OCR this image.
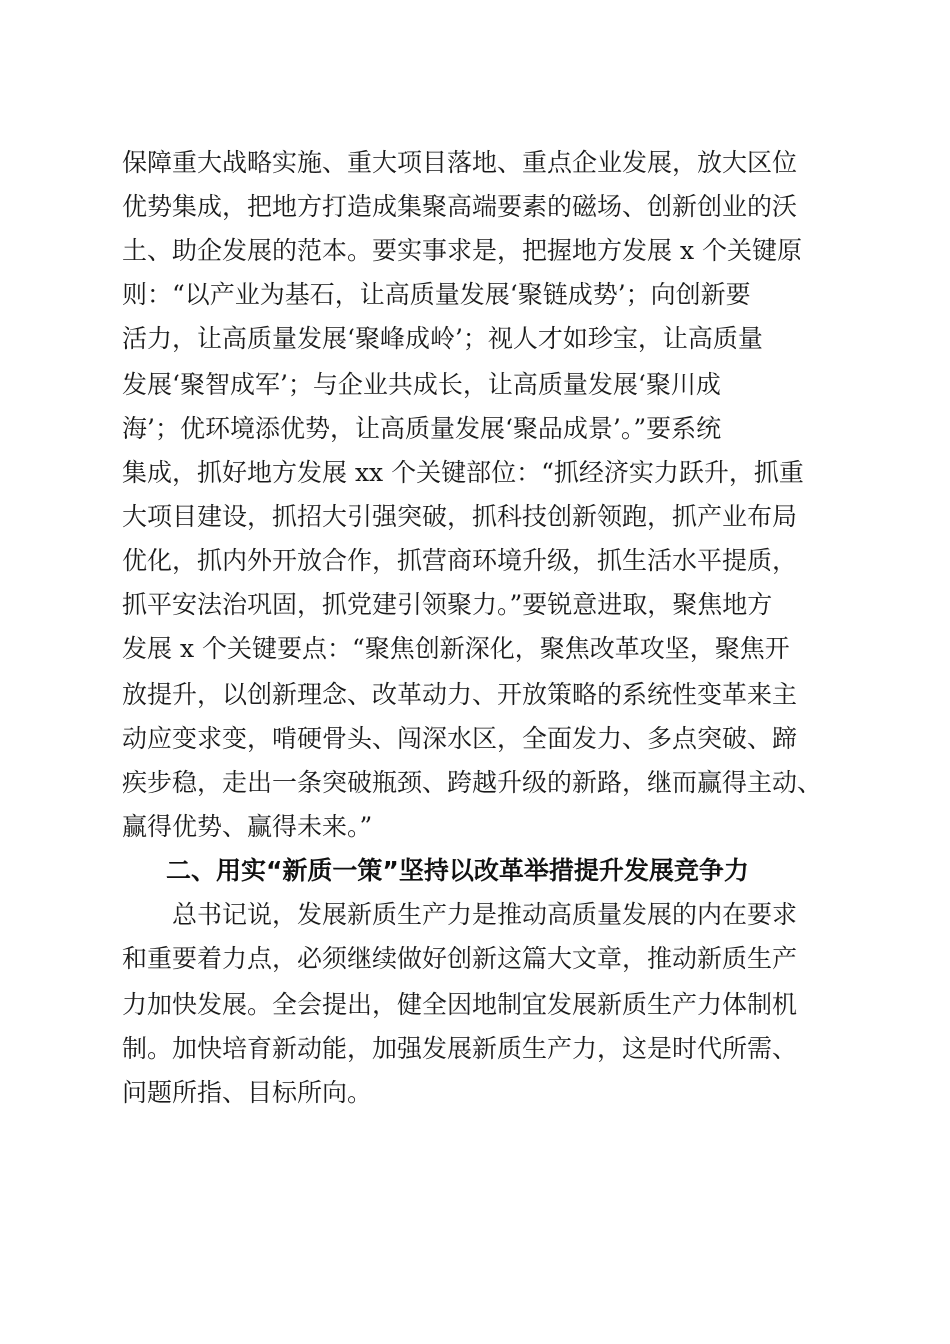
保障重大战略实施、重大项目落地、重点企业发展，放大区位

优势集成，把地方打造成集聚高端要素的磁场、创新创业的沃

土、助企发展的范本。要实事求是，把握地方发展 x 个关键原

则：“以产业为基石，让高质量发展‘聚链成势’；向创新要

活力，让高质量发展‘聚峰成岭’；视人才如珍宝，让高质量

发展‘聚智成军’；与企业共成长，让高质量发展‘聚川成

海’；优环境添优势，让高质量发展‘聚品成景’。”要系统

集成，抓好地方发展 xx 个关键部位：“抓经济实力跃升，抓重

大项目建设，抓招大引强突破，抓科技创新领跑，抓产业布局

优化，抓内外开放合作，抓营商环境升级，抓生活水平提质，

抓平安法治巩固，抓党建引领聚力。”要锐意进取，聚焦地方

发展 x 个关键要点：“聚焦创新深化，聚焦改革攻坚，聚焦开

放提升，以创新理念、改革动力、开放策略的系统性变革来主

动应变求变，啃硬骨头、闯深水区，全面发力、多点突破、蹄

疾步稳，走出一条突破瓶颈、跨越升级的新路，继而赢得主动、

赢得优势、赢得未来。”

二、用实“新质一策”坚持以改革举措提升发展竞争力

总书记说，发展新质生产力是推动高质量发展的内在要求

和重要着力点，必须继续做好创新这篇大文章，推动新质生产

力加快发展。全会提出，健全因地制宜发展新质生产力体制机

制。加快培育新动能，加强发展新质生产力，这是时代所需、

问题所指、目标所向。
